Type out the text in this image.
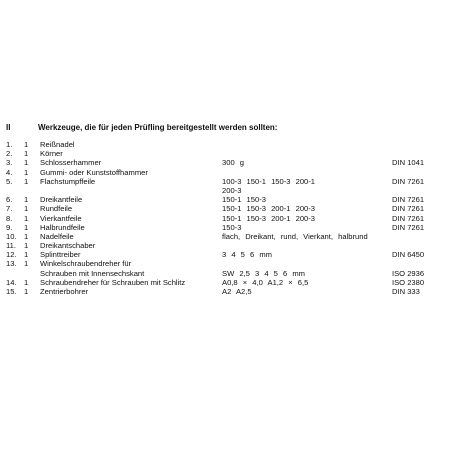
II	Werkzeuge, die für jeden Prüfling bereitgestellt werden sollten:
1.	1 Reißnadel
2.	1 Körner
3.	1 Schlosserhammer	300 g	DIN 1041
4.	1 Gummi- oder Kunststoffhammer
5.	1 Flachstumpffeile	100-3 150-1 150-3 200-1	DIN 7261
200-3
6.	1 Dreikantfeile	150-1 150-3	DIN 7261
7.	1 Rundfeile	150-1 150-3 200-1 200-3	DIN 7261
8.	1 Vierkantfeile	150-1 150-3 200-1 200-3	DIN 7261
9.	1 Halbrundfeile	150-3	DIN 7261
10. 1 Nadelfeile	flach, Dreikant, rund, Vierkant, halbrund
11.	1 Dreikantschaber
12. 1 Splinttreiber	3 4 5 6 mm	DIN 6450
13. 1 Winkelschraubendreher für
Schrauben mit Innensechskant	SW 2,5 3 4 5 6 mm	ISO 2936
14. 1 Schraubendreher für Schrauben mit Schlitz	A0,8 × 4,0 A1,2 × 6,5	ISO 2380
15. 1 Zentrierbohrer	A2 A2,5	DIN 333
